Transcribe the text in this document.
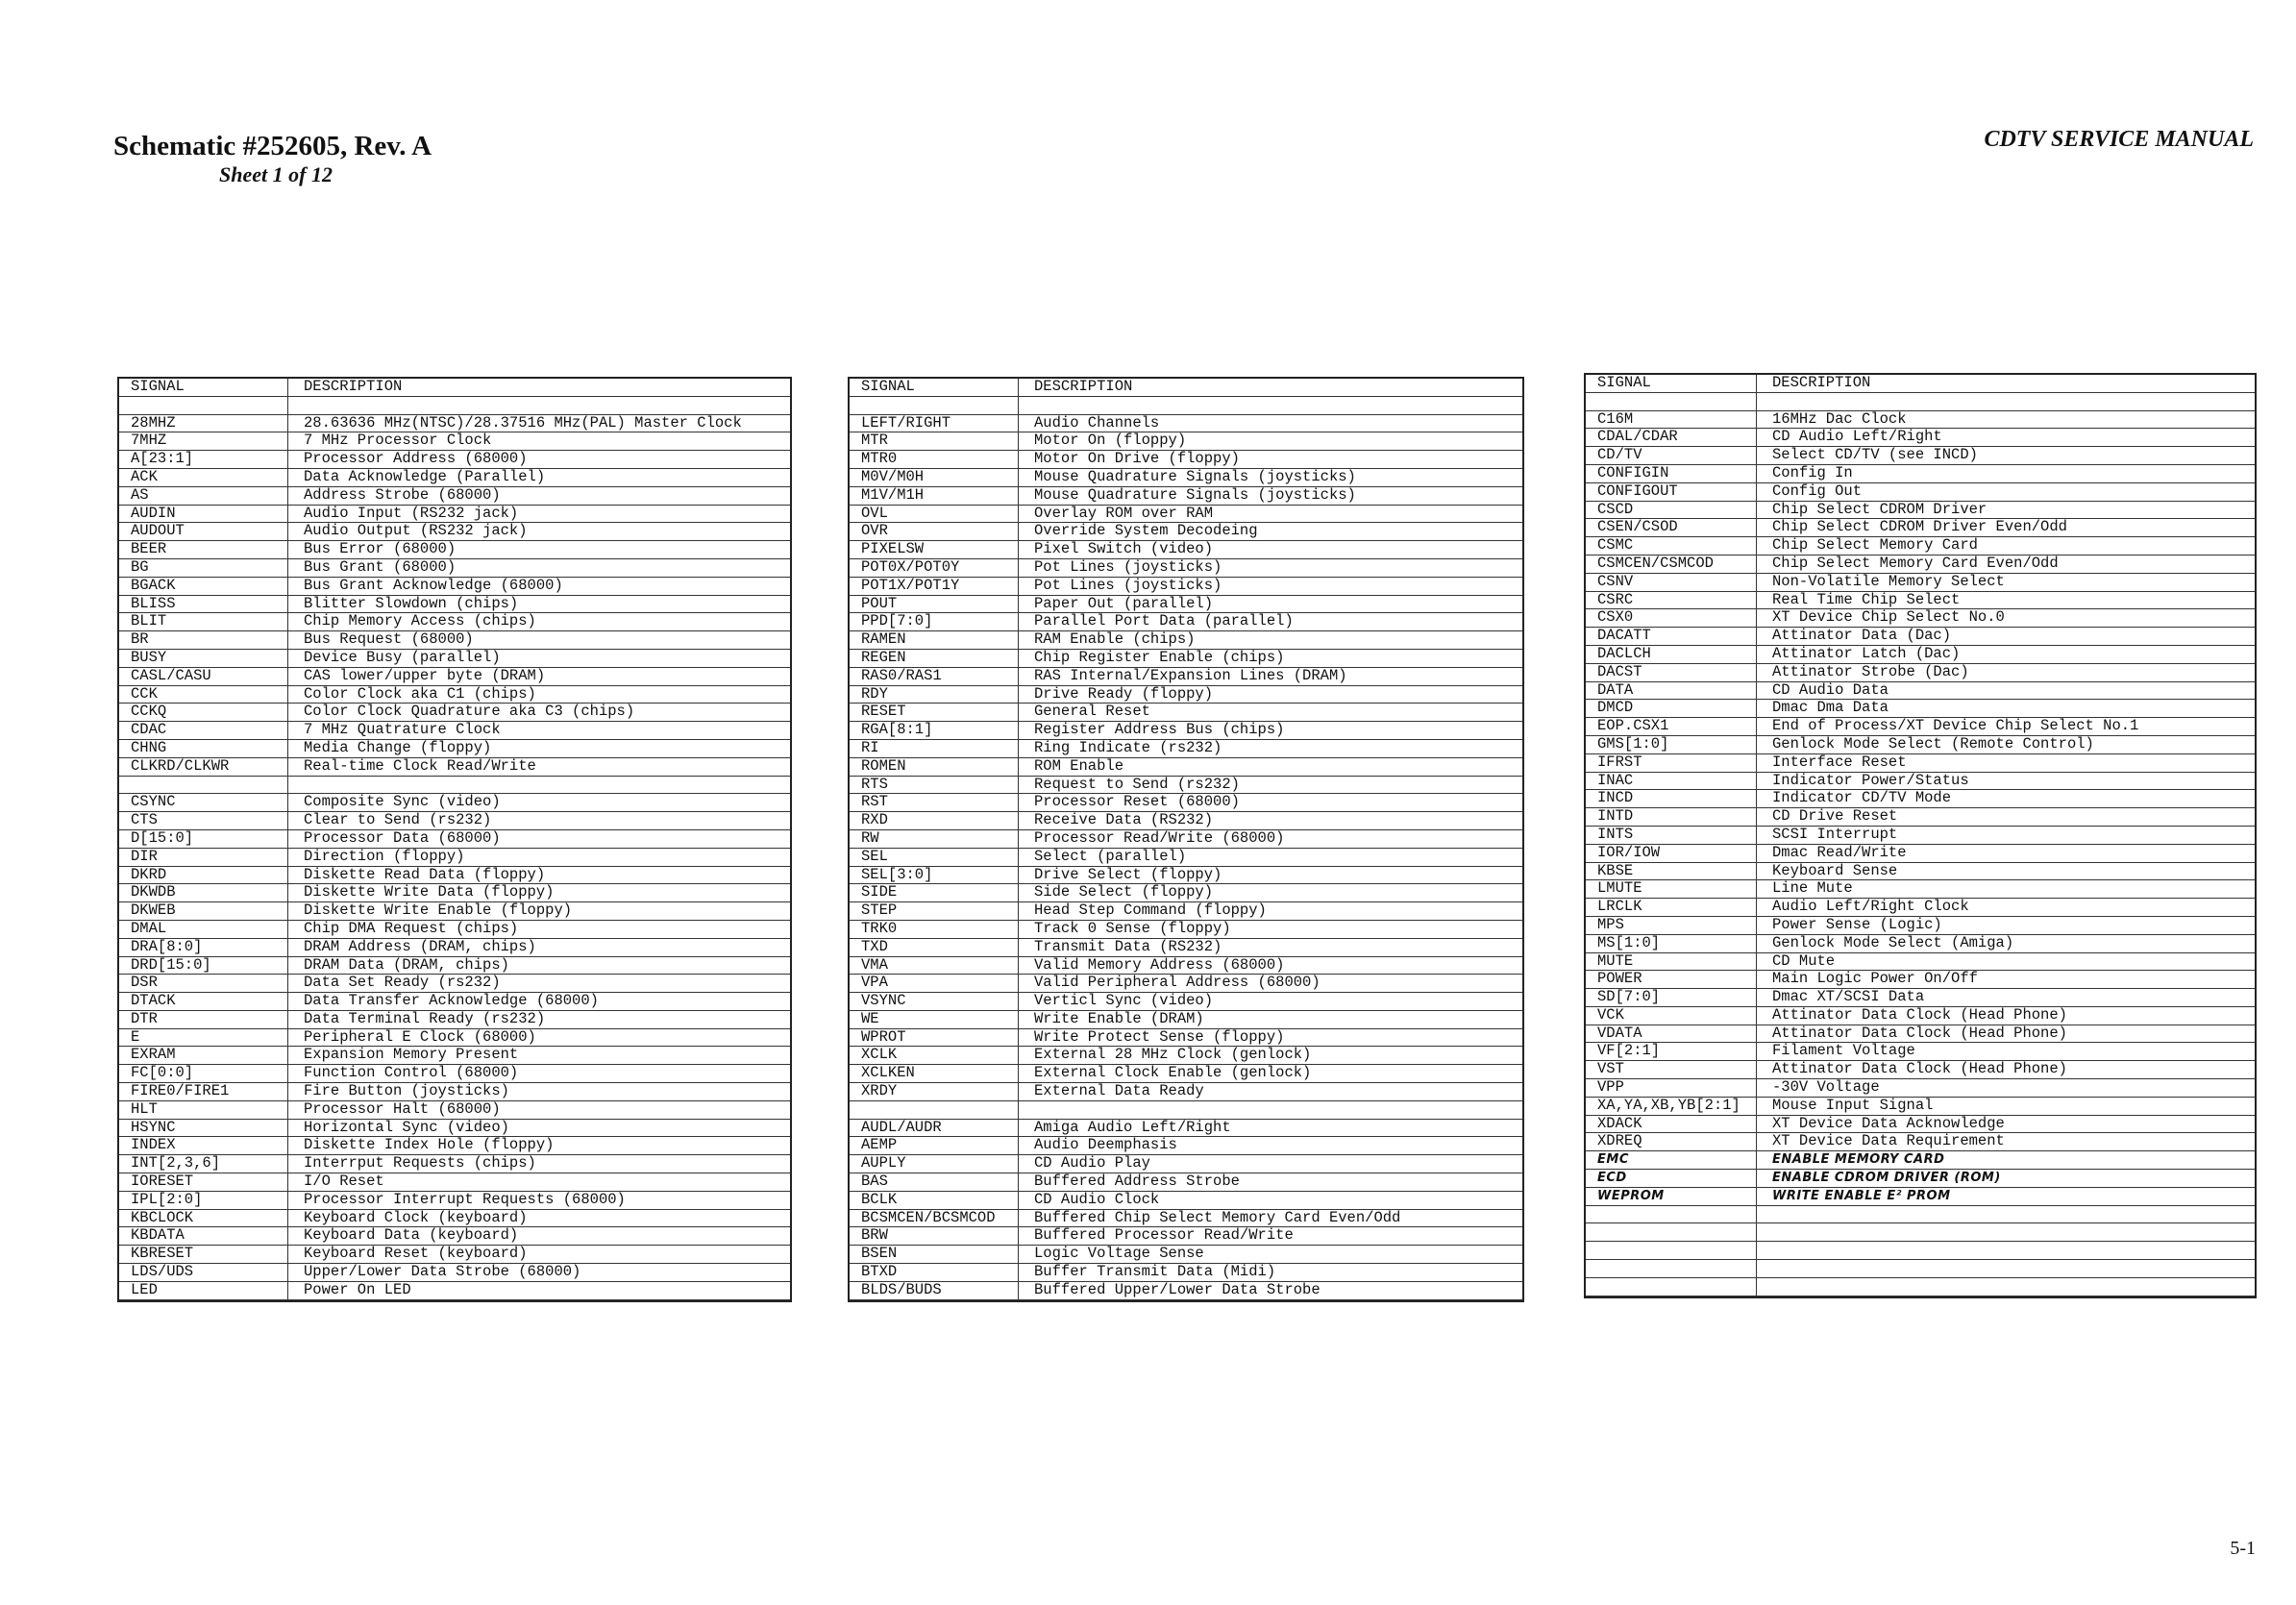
Schematic #252605, Rev. A
Sheet 1 of 12
CDTV SERVICE MANUAL
SIGNAL	DESCRIPTION
28MHZ	28.63636 MHz(NTSC)/28.37516 MHz(PAL) Master Clock
7MHZ	7 MHz Processor Clock
A[23:1]	Processor Address (68000)
ACK	Data Acknowledge (Parallel)
AS	Address Strobe (68000)
AUDIN	Audio Input (RS232 jack)
AUDOUT	Audio Output (RS232 jack)
BEER	Bus Error (68000)
BG	Bus Grant (68000)
BGACK	Bus Grant Acknowledge (68000)
BLISS	Blitter Slowdown (chips)
BLIT	Chip Memory Access (chips)
BR	Bus Request (68000)
BUSY	Device Busy (parallel)
CASL/CASU	CAS lower/upper byte (DRAM)
CCK	Color Clock aka C1 (chips)
CCKQ	Color Clock Quadrature aka C3 (chips)
CDAC	7 MHz Quatrature Clock
CHNG	Media Change (floppy)
CLKRD/CLKWR	Real-time Clock Read/Write
CSYNC	Composite Sync (video)
CTS	Clear to Send (rs232)
D[15:0]	Processor Data (68000)
DIR	Direction (floppy)
DKRD	Diskette Read Data (floppy)
DKWDB	Diskette Write Data (floppy)
DKWEB	Diskette Write Enable (floppy)
DMAL	Chip DMA Request (chips)
DRA[8:0]	DRAM Address (DRAM, chips)
DRD[15:0]	DRAM Data (DRAM, chips)
DSR	Data Set Ready (rs232)
DTACK	Data Transfer Acknowledge (68000)
DTR	Data Terminal Ready (rs232)
E	Peripheral E Clock (68000)
EXRAM	Expansion Memory Present
FC[0:0]	Function Control (68000)
FIRE0/FIRE1	Fire Button (joysticks)
HLT	Processor Halt (68000)
HSYNC	Horizontal Sync (video)
INDEX	Diskette Index Hole (floppy)
INT[2,3,6]	Interrput Requests (chips)
IORESET	I/O Reset
IPL[2:0]	Processor Interrupt Requests (68000)
KBCLOCK	Keyboard Clock (keyboard)
KBDATA	Keyboard Data (keyboard)
KBRESET	Keyboard Reset (keyboard)
LDS/UDS	Upper/Lower Data Strobe (68000)
LED	Power On LED
SIGNAL	DESCRIPTION
LEFT/RIGHT	Audio Channels
MTR	Motor On (floppy)
MTR0	Motor On Drive (floppy)
M0V/M0H	Mouse Quadrature Signals (joysticks)
M1V/M1H	Mouse Quadrature Signals (joysticks)
OVL	Overlay ROM over RAM
OVR	Override System Decodeing
PIXELSW	Pixel Switch (video)
POT0X/POT0Y	Pot Lines (joysticks)
POT1X/POT1Y	Pot Lines (joysticks)
POUT	Paper Out (parallel)
PPD[7:0]	Parallel Port Data (parallel)
RAMEN	RAM Enable (chips)
REGEN	Chip Register Enable (chips)
RAS0/RAS1	RAS Internal/Expansion Lines (DRAM)
RDY	Drive Ready (floppy)
RESET	General Reset
RGA[8:1]	Register Address Bus (chips)
RI	Ring Indicate (rs232)
ROMEN	ROM Enable
RTS	Request to Send (rs232)
RST	Processor Reset (68000)
RXD	Receive Data (RS232)
RW	Processor Read/Write (68000)
SEL	Select (parallel)
SEL[3:0]	Drive Select (floppy)
SIDE	Side Select (floppy)
STEP	Head Step Command (floppy)
TRK0	Track 0 Sense (floppy)
TXD	Transmit Data (RS232)
VMA	Valid Memory Address (68000)
VPA	Valid Peripheral Address (68000)
VSYNC	Verticl Sync (video)
WE	Write Enable (DRAM)
WPROT	Write Protect Sense (floppy)
XCLK	External 28 MHz Clock (genlock)
XCLKEN	External Clock Enable (genlock)
XRDY	External Data Ready
AUDL/AUDR	Amiga Audio Left/Right
AEMP	Audio Deemphasis
AUPLY	CD Audio Play
BAS	Buffered Address Strobe
BCLK	CD Audio Clock
BCSMCEN/BCSMCOD	Buffered Chip Select Memory Card Even/Odd
BRW	Buffered Processor Read/Write
BSEN	Logic Voltage Sense
BTXD	Buffer Transmit Data (Midi)
BLDS/BUDS	Buffered Upper/Lower Data Strobe
SIGNAL	DESCRIPTION
C16M	16MHz Dac Clock
CDAL/CDAR	CD Audio Left/Right
CD/TV	Select CD/TV (see INCD)
CONFIGIN	Config In
CONFIGOUT	Config Out
CSCD	Chip Select CDROM Driver
CSEN/CSOD	Chip Select CDROM Driver Even/Odd
CSMC	Chip Select Memory Card
CSMCEN/CSMCOD	Chip Select Memory Card Even/Odd
CSNV	Non-Volatile Memory Select
CSRC	Real Time Chip Select
CSX0	XT Device Chip Select No.0
DACATT	Attinator Data (Dac)
DACLCH	Attinator Latch (Dac)
DACST	Attinator Strobe (Dac)
DATA	CD Audio Data
DMCD	Dmac Dma Data
EOP.CSX1	End of Process/XT Device Chip Select No.1
GMS[1:0]	Genlock Mode Select (Remote Control)
IFRST	Interface Reset
INAC	Indicator Power/Status
INCD	Indicator CD/TV Mode
INTD	CD Drive Reset
INTS	SCSI Interrupt
IOR/IOW	Dmac Read/Write
KBSE	Keyboard Sense
LMUTE	Line Mute
LRCLK	Audio Left/Right Clock
MPS	Power Sense (Logic)
MS[1:0]	Genlock Mode Select (Amiga)
MUTE	CD Mute
POWER	Main Logic Power On/Off
SD[7:0]	Dmac XT/SCSI Data
VCK	Attinator Data Clock (Head Phone)
VDATA	Attinator Data Clock (Head Phone)
VF[2:1]	Filament Voltage
VST	Attinator Data Clock (Head Phone)
VPP	-30V Voltage
XA,YA,XB,YB[2:1]	Mouse Input Signal
XDACK	XT Device Data Acknowledge
XDREQ	XT Device Data Requirement
EMC	ENABLE MEMORY CARD
ECD	ENABLE CDROM DRIVER (ROM)
WEPROM	WRITE ENABLE E² PROM
5-1
